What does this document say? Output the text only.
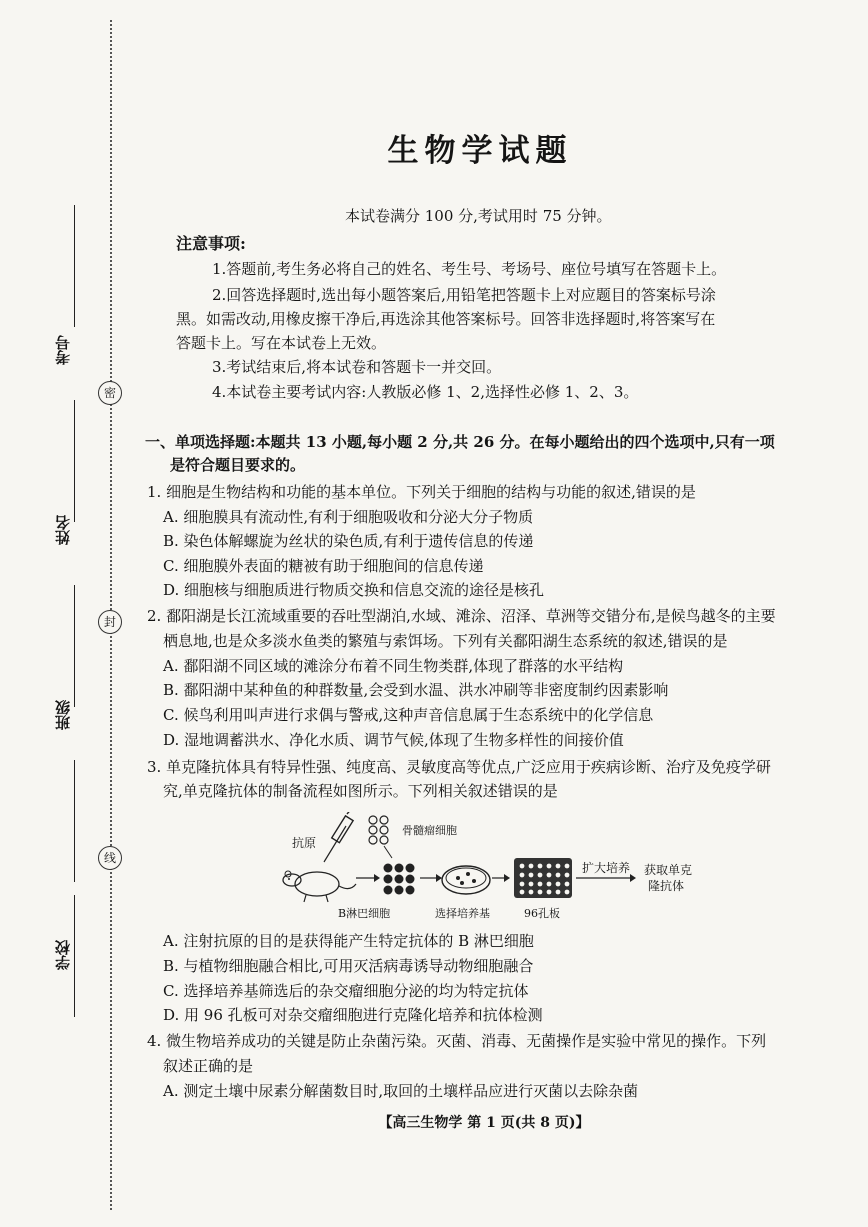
密
封
线
考号
姓名
班级
学校
生物学试题
本试卷满分 100 分,考试用时 75 分钟。
注意事项:
1.答题前,考生务必将自己的姓名、考生号、考场号、座位号填写在答题卡上。
2.回答选择题时,选出每小题答案后,用铅笔把答题卡上对应题目的答案标号涂
黑。如需改动,用橡皮擦干净后,再选涂其他答案标号。回答非选择题时,将答案写在
答题卡上。写在本试卷上无效。
3.考试结束后,将本试卷和答题卡一并交回。
4.本试卷主要考试内容:人教版必修 1、2,选择性必修 1、2、3。
一、单项选择题:本题共 13 小题,每小题 2 分,共 26 分。在每小题给出的四个选项中,只有一项
是符合题目要求的。
1. 细胞是生物结构和功能的基本单位。下列关于细胞的结构与功能的叙述,错误的是
A. 细胞膜具有流动性,有利于细胞吸收和分泌大分子物质
B. 染色体解螺旋为丝状的染色质,有利于遗传信息的传递
C. 细胞膜外表面的糖被有助于细胞间的信息传递
D. 细胞核与细胞质进行物质交换和信息交流的途径是核孔
2. 鄱阳湖是长江流域重要的吞吐型湖泊,水域、滩涂、沼泽、草洲等交错分布,是候鸟越冬的主要
栖息地,也是众多淡水鱼类的繁殖与索饵场。下列有关鄱阳湖生态系统的叙述,错误的是
A. 鄱阳湖不同区域的滩涂分布着不同生物类群,体现了群落的水平结构
B. 鄱阳湖中某种鱼的种群数量,会受到水温、洪水冲刷等非密度制约因素影响
C. 候鸟利用叫声进行求偶与警戒,这种声音信息属于生态系统中的化学信息
D. 湿地调蓄洪水、净化水质、调节气候,体现了生物多样性的间接价值
3. 单克隆抗体具有特异性强、纯度高、灵敏度高等优点,广泛应用于疾病诊断、治疗及免疫学研
究,单克隆抗体的制备流程如图所示。下列相关叙述错误的是
抗原
B淋巴细胞
骨髓瘤细胞
选择培养基	96孔板
扩大培养 获取单克
隆抗体
A. 注射抗原的目的是获得能产生特定抗体的 B 淋巴细胞
B. 与植物细胞融合相比,可用灭活病毒诱导动物细胞融合
C. 选择培养基筛选后的杂交瘤细胞分泌的均为特定抗体
D. 用 96 孔板可对杂交瘤细胞进行克隆化培养和抗体检测
4. 微生物培养成功的关键是防止杂菌污染。灭菌、消毒、无菌操作是实验中常见的操作。下列
叙述正确的是
A. 测定土壤中尿素分解菌数目时,取回的土壤样品应进行灭菌以去除杂菌
【高三生物学 第 1 页(共 8 页)】
